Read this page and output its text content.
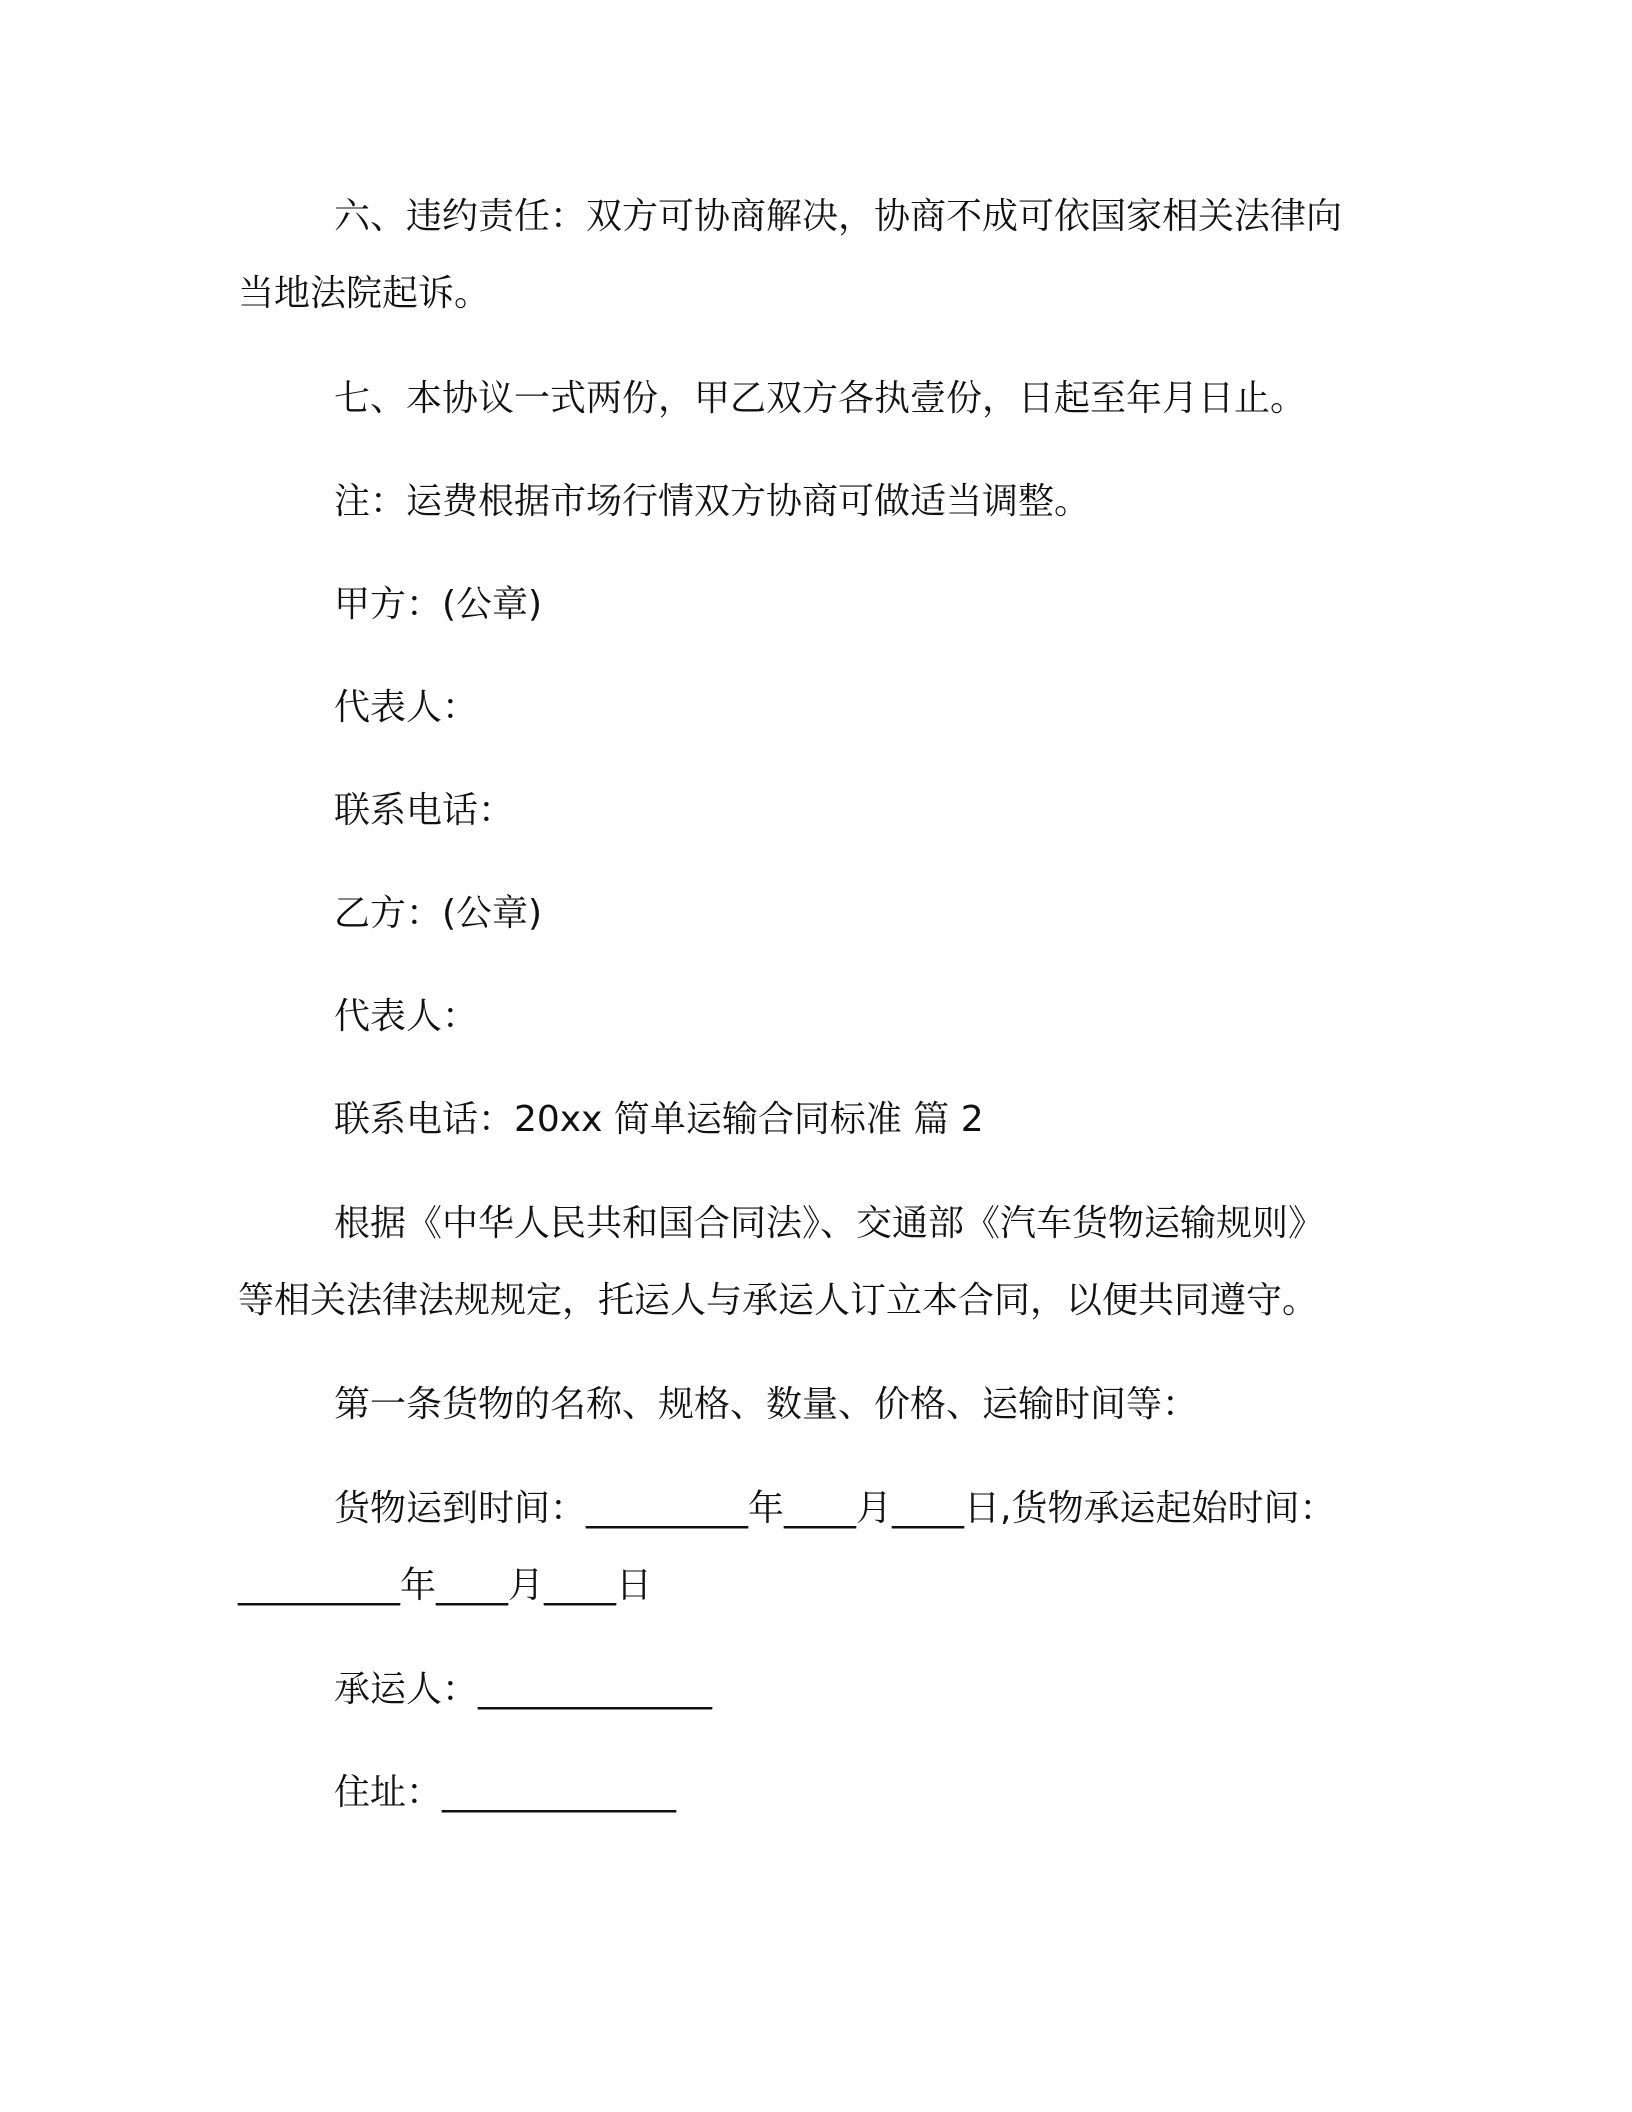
六、违约责任：双方可协商解决，协商不成可依国家相关法律向
当地法院起诉。
七、本协议一式两份，甲乙双方各执壹份，日起至年月日止。
注：运费根据市场行情双方协商可做适当调整。
甲方：(公章)
代表人：
联系电话：
乙方：(公章)
代表人：
联系电话：20xx 简单运输合同标准 篇 2
根据《中华人民共和国合同法》、交通部《汽车货物运输规则》
等相关法律法规规定，托运人与承运人订立本合同，以便共同遵守。
第一条货物的名称、规格、数量、价格、运输时间等：
货物运到时间：_________年____月____日,货物承运起始时间：
_________年____月____日
承运人：_____________
住址：_____________
